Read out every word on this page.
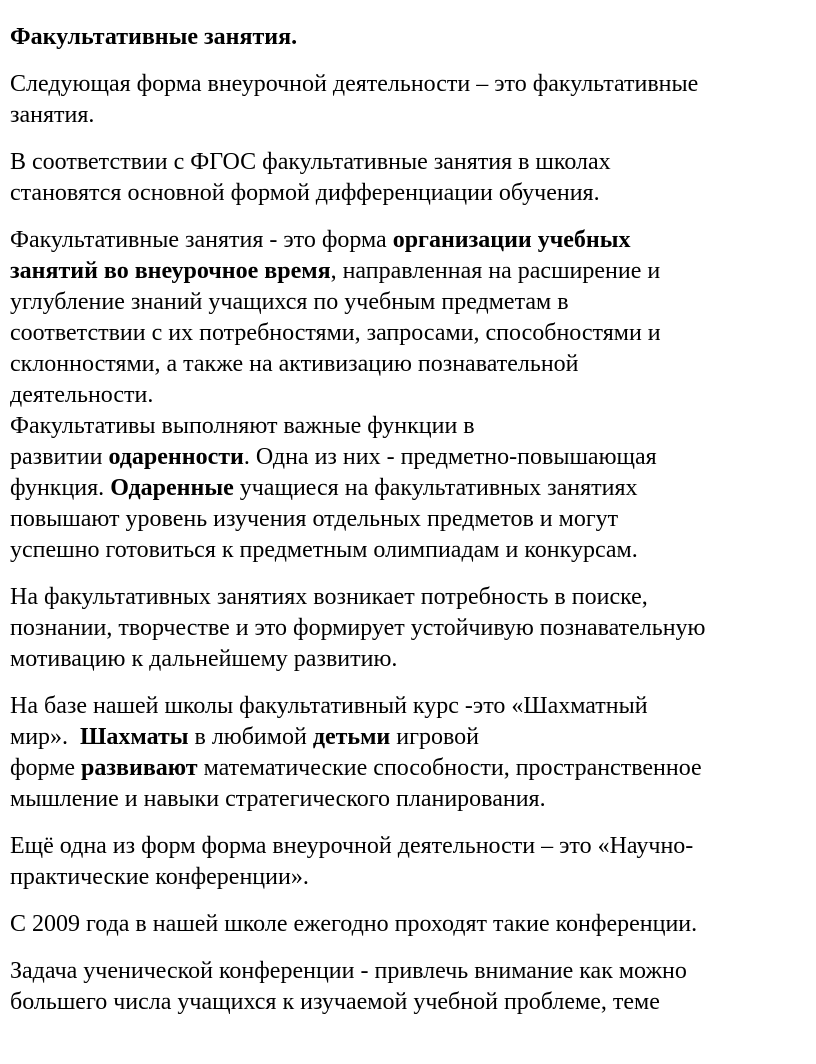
Факультативные занятия.

Следующая форма внеурочной деятельности – это факультативные
занятия.

В соответствии с ФГОС факультативные занятия в школах
становятся основной формой дифференциации обучения.

Факультативные занятия - это форма организации учебных
занятий во внеурочное время, направленная на расширение и
углубление знаний учащихся по учебным предметам в
соответствии с их потребностями, запросами, способностями и
склонностями, а также на активизацию познавательной
деятельности.
Факультативы выполняют важные функции в
развитии одаренности. Одна из них - предметно-повышающая
функция. Одаренные учащиеся на факультативных занятиях
повышают уровень изучения отдельных предметов и могут
успешно готовиться к предметным олимпиадам и конкурсам.

На факультативных занятиях возникает потребность в поиске,
познании, творчестве и это формирует устойчивую познавательную
мотивацию к дальнейшему развитию.

На базе нашей школы факультативный курс -это «Шахматный
мир».  Шахматы в любимой детьми игровой
форме развивают математические способности, пространственное
мышление и навыки стратегического планирования.

Ещё одна из форм форма внеурочной деятельности – это «Научно-
практические конференции».

С 2009 года в нашей школе ежегодно проходят такие конференции.

Задача ученической конференции - привлечь внимание как можно
большего числа учащихся к изучаемой учебной проблеме, теме
